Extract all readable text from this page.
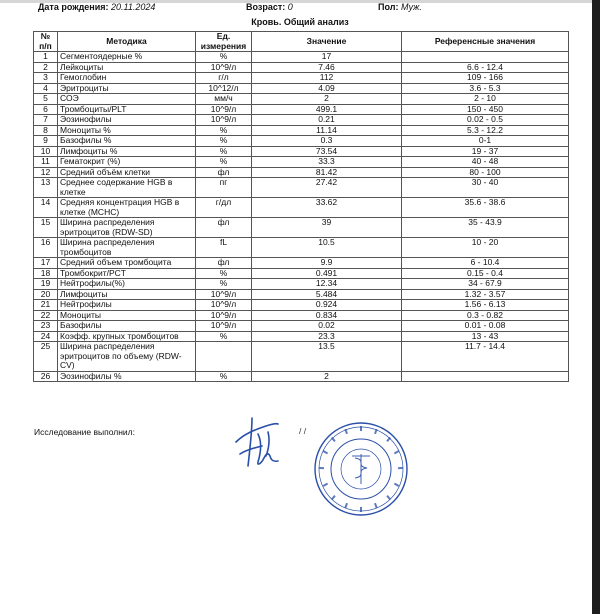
Дата рождения: 20.11.2024	Возраст: 0	Пол: Муж.
Кровь. Общий анализ
№ п/п	Методика	Ед. измерения	Значение	Референсные значения
1	Сегментоядерные %	%	17	
2	Лейкоциты	10^9/л	7.46	6.6 - 12.4
3	Гемоглобин	г/л	112	109 - 166
4	Эритроциты	10^12/л	4.09	3.6 - 5.3
5	СОЭ	мм/ч	2	2 - 10
6	Тромбоциты/PLT	10^9/л	499.1	150 - 450
7	Эозинофилы	10^9/л	0.21	0.02 - 0.5
8	Моноциты %	%	11.14	5.3 - 12.2
9	Базофилы %	%	0.3	0-1
10	Лимфоциты %	%	73.54	19 - 37
11	Гематокрит (%)	%	33.3	40 - 48
12	Средний объём клетки	фл	81.42	80 - 100
13	Среднее содержание HGB в клетке	пг	27.42	30 - 40
14	Средняя концентрация HGB в клетке (MCHC)	г/дл	33.62	35.6 - 38.6
15	Ширина распределения эритроцитов (RDW-SD)	фл	39	35 - 43.9
16	Ширина распределения тромбоцитов	fL	10.5	10 - 20
17	Средний объем тромбоцита	фл	9.9	6 - 10.4
18	Тромбокрит/PCT	%	0.491	0.15 - 0.4
19	Нейтрофилы(%)	%	12.34	34 - 67.9
20	Лимфоциты	10^9/л	5.484	1.32 - 3.57
21	Нейтрофилы	10^9/л	0.924	1.56 - 6.13
22	Моноциты	10^9/л	0.834	0.3 - 0.82
23	Базофилы	10^9/л	0.02	0.01 - 0.08
24	Коэфф. крупных тромбоцитов	%	23.3	13 - 43
25	Ширина распределения эритроцитов по объему (RDW-CV)		13.5	11.7 - 14.4
26	Эозинофилы %	%	2	
Исследование выполнил:	/ /
